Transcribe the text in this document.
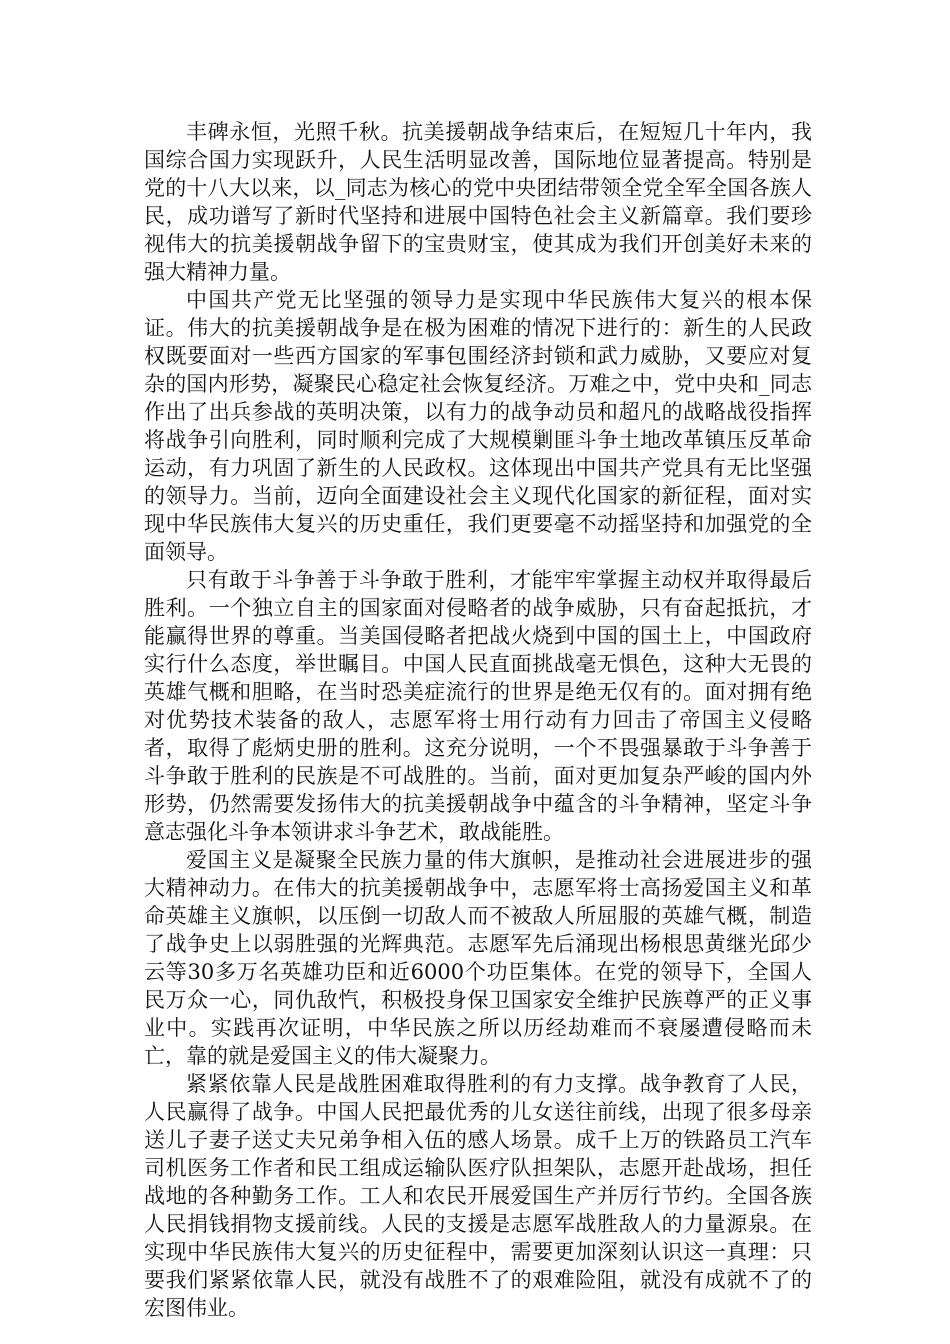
丰碑永恒，光照千秋。抗美援朝战争结束后，在短短几十年内，我国综合国力实现跃升，人民生活明显改善，国际地位显著提高。特别是党的十八大以来，以_同志为核心的党中央团结带领全党全军全国各族人民，成功谱写了新时代坚持和进展中国特色社会主义新篇章。我们要珍视伟大的抗美援朝战争留下的宝贵财宝，使其成为我们开创美好未来的强大精神力量。

中国共产党无比坚强的领导力是实现中华民族伟大复兴的根本保证。伟大的抗美援朝战争是在极为困难的情况下进行的：新生的人民政权既要面对一些西方国家的军事包围经济封锁和武力威胁，又要应对复杂的国内形势，凝聚民心稳定社会恢复经济。万难之中，党中央和_同志作出了出兵参战的英明决策，以有力的战争动员和超凡的战略战役指挥将战争引向胜利，同时顺利完成了大规模剿匪斗争土地改革镇压反革命运动，有力巩固了新生的人民政权。这体现出中国共产党具有无比坚强的领导力。当前，迈向全面建设社会主义现代化国家的新征程，面对实现中华民族伟大复兴的历史重任，我们更要毫不动摇坚持和加强党的全面领导。

只有敢于斗争善于斗争敢于胜利，才能牢牢掌握主动权并取得最后胜利。一个独立自主的国家面对侵略者的战争威胁，只有奋起抵抗，才能赢得世界的尊重。当美国侵略者把战火烧到中国的国土上，中国政府实行什么态度，举世瞩目。中国人民直面挑战毫无惧色，这种大无畏的英雄气概和胆略，在当时恐美症流行的世界是绝无仅有的。面对拥有绝对优势技术装备的敌人，志愿军将士用行动有力回击了帝国主义侵略者，取得了彪炳史册的胜利。这充分说明，一个不畏强暴敢于斗争善于斗争敢于胜利的民族是不可战胜的。当前，面对更加复杂严峻的国内外形势，仍然需要发扬伟大的抗美援朝战争中蕴含的斗争精神，坚定斗争意志强化斗争本领讲求斗争艺术，敢战能胜。

爱国主义是凝聚全民族力量的伟大旗帜，是推动社会进展进步的强大精神动力。在伟大的抗美援朝战争中，志愿军将士高扬爱国主义和革命英雄主义旗帜，以压倒一切敌人而不被敌人所屈服的英雄气概，制造了战争史上以弱胜强的光辉典范。志愿军先后涌现出杨根思黄继光邱少云等30多万名英雄功臣和近6000个功臣集体。在党的领导下，全国人民万众一心，同仇敌忾，积极投身保卫国家安全维护民族尊严的正义事业中。实践再次证明，中华民族之所以历经劫难而不衰屡遭侵略而未亡，靠的就是爱国主义的伟大凝聚力。

紧紧依靠人民是战胜困难取得胜利的有力支撑。战争教育了人民，人民赢得了战争。中国人民把最优秀的儿女送往前线，出现了很多母亲送儿子妻子送丈夫兄弟争相入伍的感人场景。成千上万的铁路员工汽车司机医务工作者和民工组成运输队医疗队担架队，志愿开赴战场，担任战地的各种勤务工作。工人和农民开展爱国生产并厉行节约。全国各族人民捐钱捐物支援前线。人民的支援是志愿军战胜敌人的力量源泉。在实现中华民族伟大复兴的历史征程中，需要更加深刻认识这一真理：只要我们紧紧依靠人民，就没有战胜不了的艰难险阻，就没有成就不了的宏图伟业。
